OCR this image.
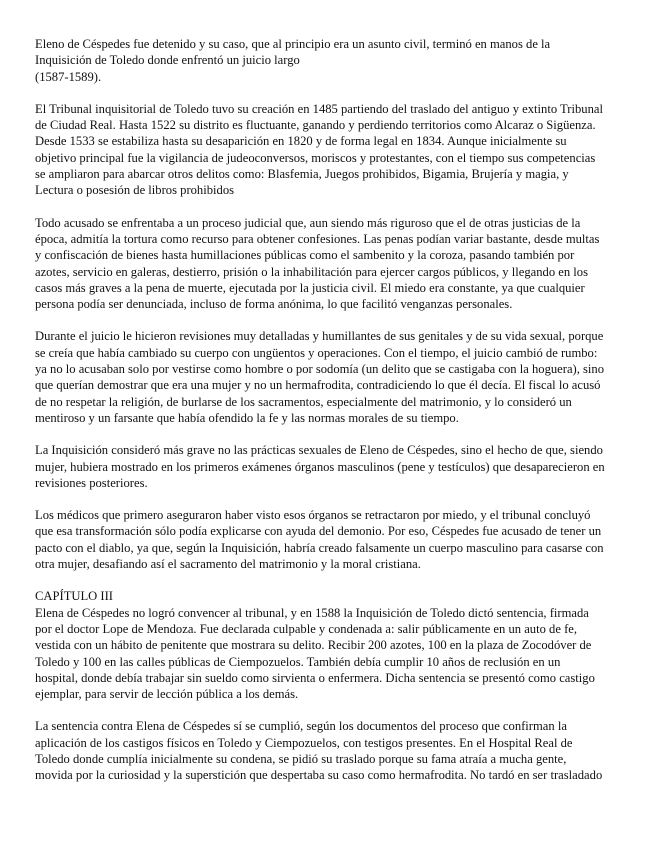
Eleno de Céspedes fue detenido y su caso, que al principio era un asunto civil, terminó en manos de la
Inquisición de Toledo donde enfrentó un juicio largo
(1587-1589).

El Tribunal inquisitorial de Toledo tuvo su creación en 1485 partiendo del traslado del antiguo y extinto Tribunal
de Ciudad Real. Hasta 1522 su distrito es fluctuante, ganando y perdiendo territorios como Alcaraz o Sigüenza.
Desde 1533 se estabiliza hasta su desaparición en 1820 y de forma legal en 1834. Aunque inicialmente su
objetivo principal fue la vigilancia de judeoconversos, moriscos y protestantes, con el tiempo sus competencias
se ampliaron para abarcar otros delitos como: Blasfemia, Juegos prohibidos, Bigamia, Brujería y magia, y
Lectura o posesión de libros prohibidos

Todo acusado se enfrentaba a un proceso judicial que, aun siendo más riguroso que el de otras justicias de la
época, admitía la tortura como recurso para obtener confesiones. Las penas podían variar bastante, desde multas
y confiscación de bienes hasta humillaciones públicas como el sambenito y la coroza, pasando también por
azotes, servicio en galeras, destierro, prisión o la inhabilitación para ejercer cargos públicos, y llegando en los
casos más graves a la pena de muerte, ejecutada por la justicia civil. El miedo era constante, ya que cualquier
persona podía ser denunciada, incluso de forma anónima, lo que facilitó venganzas personales.

Durante el juicio le hicieron revisiones muy detalladas y humillantes de sus genitales y de su vida sexual, porque
se creía que había cambiado su cuerpo con ungüentos y operaciones. Con el tiempo, el juicio cambió de rumbo:
ya no lo acusaban solo por vestirse como hombre o por sodomía (un delito que se castigaba con la hoguera), sino
que querían demostrar que era una mujer y no un hermafrodita, contradiciendo lo que él decía. El fiscal lo acusó
de no respetar la religión, de burlarse de los sacramentos, especialmente del matrimonio, y lo consideró un
mentiroso y un farsante que había ofendido la fe y las normas morales de su tiempo.

La Inquisición consideró más grave no las prácticas sexuales de Eleno de Céspedes, sino el hecho de que, siendo
mujer, hubiera mostrado en los primeros exámenes órganos masculinos (pene y testículos) que desaparecieron en
revisiones posteriores.

Los médicos que primero aseguraron haber visto esos órganos se retractaron por miedo, y el tribunal concluyó
que esa transformación sólo podía explicarse con ayuda del demonio. Por eso, Céspedes fue acusado de tener un
pacto con el diablo, ya que, según la Inquisición, habría creado falsamente un cuerpo masculino para casarse con
otra mujer, desafiando así el sacramento del matrimonio y la moral cristiana.

CAPÍTULO III
Elena de Céspedes no logró convencer al tribunal, y en 1588 la Inquisición de Toledo dictó sentencia, firmada
por el doctor Lope de Mendoza. Fue declarada culpable y condenada a: salir públicamente en un auto de fe,
vestida con un hábito de penitente que mostrara su delito. Recibir 200 azotes, 100 en la plaza de Zocodóver de
Toledo y 100 en las calles públicas de Ciempozuelos. También debía cumplir 10 años de reclusión en un
hospital, donde debía trabajar sin sueldo como sirvienta o enfermera. Dicha sentencia se presentó como castigo
ejemplar, para servir de lección pública a los demás.

La sentencia contra Elena de Céspedes sí se cumplió, según los documentos del proceso que confirman la
aplicación de los castigos físicos en Toledo y Ciempozuelos, con testigos presentes. En el Hospital Real de
Toledo donde cumplía inicialmente su condena, se pidió su traslado porque su fama atraía a mucha gente,
movida por la curiosidad y la superstición que despertaba su caso como hermafrodita. No tardó en ser trasladado
